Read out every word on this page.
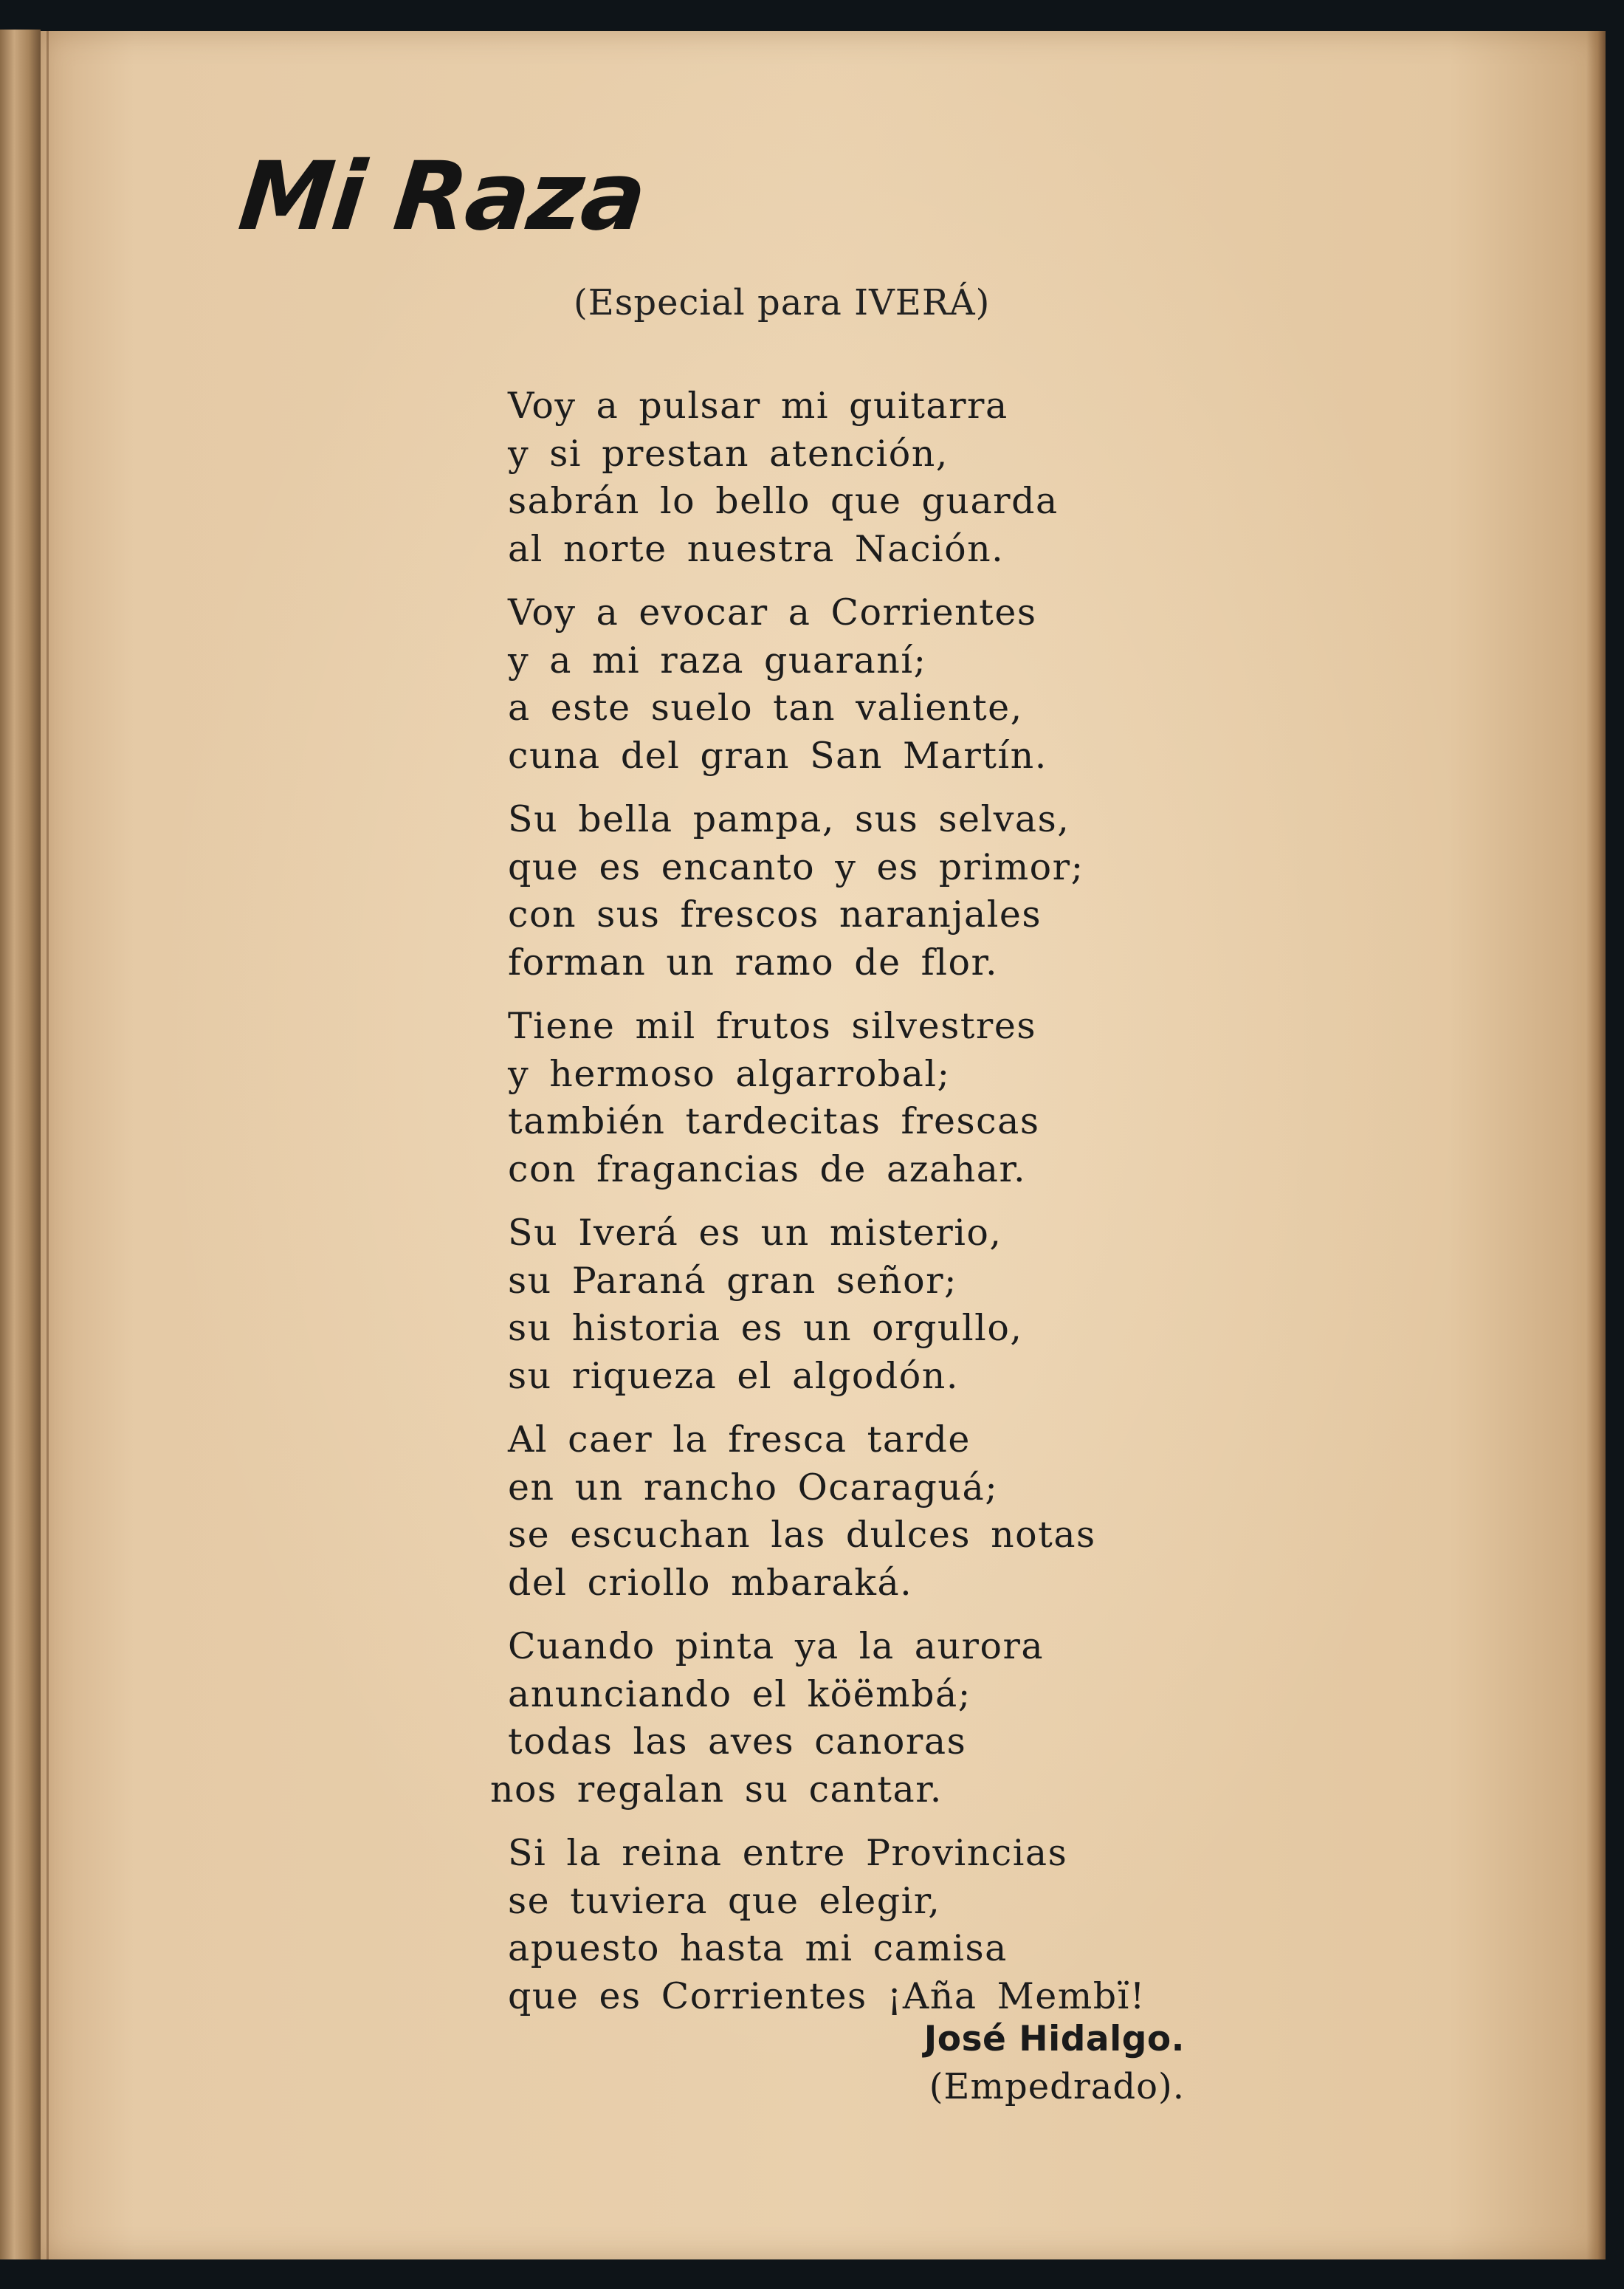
Mi Raza

(Especial para IVERÁ)

Voy a pulsar mi guitarra
y si prestan atención,
sabrán lo bello que guarda
al norte nuestra Nación.
Voy a evocar a Corrientes
y a mi raza guaraní;
a este suelo tan valiente,
cuna del gran San Martín.
Su bella pampa, sus selvas,
que es encanto y es primor;
con sus frescos naranjales
forman un ramo de flor.
Tiene mil frutos silvestres
y hermoso algarrobal;
también tardecitas frescas
con fragancias de azahar.
Su Iverá es un misterio,
su Paraná gran señor;
su historia es un orgullo,
su riqueza el algodón.
Al caer la fresca tarde
en un rancho Ocaraguá;
se escuchan las dulces notas
del criollo mbaraká.
Cuando pinta ya la aurora
anunciando el köëmbá;
todas las aves canoras
nos regalan su cantar.
Si la reina entre Provincias
se tuviera que elegir,
apuesto hasta mi camisa
que es Corrientes ¡Aña Membï!
José Hidalgo.
(Empedrado).
